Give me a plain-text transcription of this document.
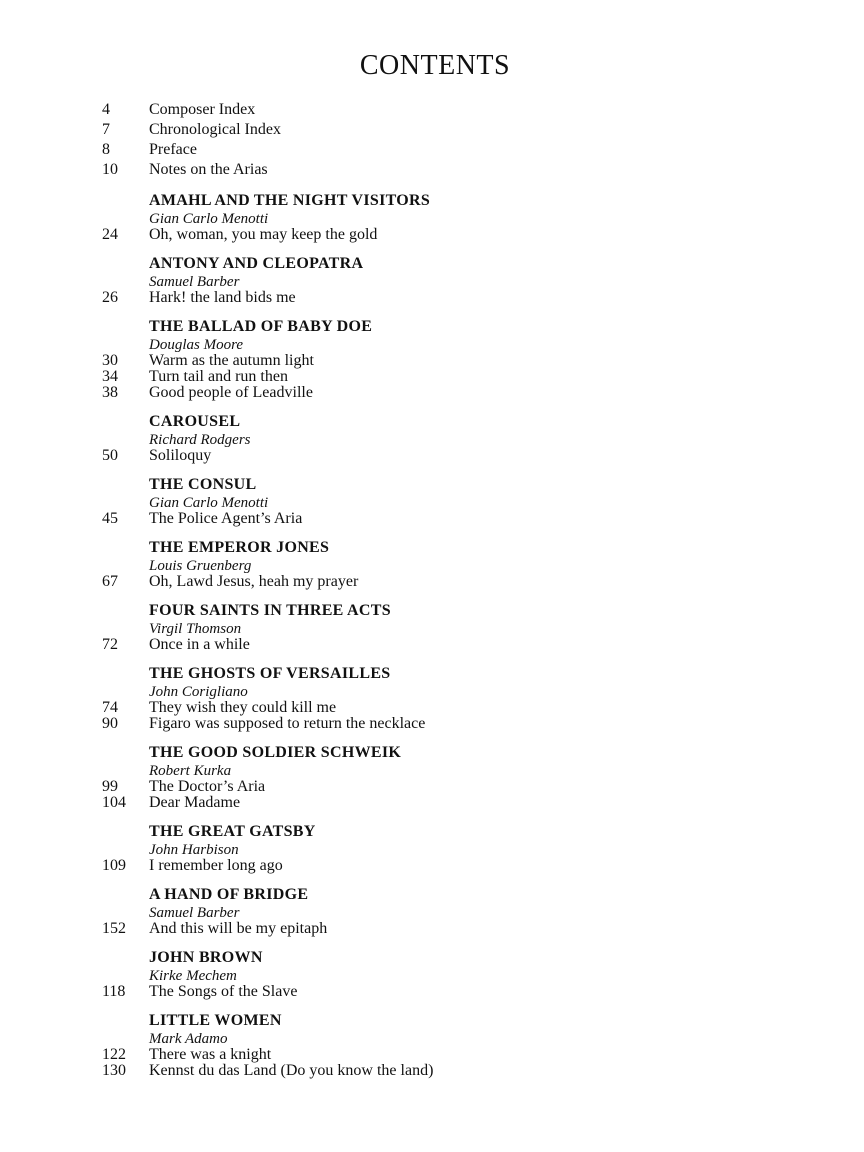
CONTENTS
4	Composer Index
7	Chronological Index
8	Preface
10	Notes on the Arias
AMAHL AND THE NIGHT VISITORS
Gian Carlo Menotti
24	Oh, woman, you may keep the gold
ANTONY AND CLEOPATRA
Samuel Barber
26	Hark! the land bids me
THE BALLAD OF BABY DOE
Douglas Moore
30	Warm as the autumn light
34	Turn tail and run then
38	Good people of Leadville
CAROUSEL
Richard Rodgers
50	Soliloquy
THE CONSUL
Gian Carlo Menotti
45	The Police Agent’s Aria
THE EMPEROR JONES
Louis Gruenberg
67	Oh, Lawd Jesus, heah my prayer
FOUR SAINTS IN THREE ACTS
Virgil Thomson
72	Once in a while
THE GHOSTS OF VERSAILLES
John Corigliano
74	They wish they could kill me
90	Figaro was supposed to return the necklace
THE GOOD SOLDIER SCHWEIK
Robert Kurka
99	The Doctor’s Aria
104	Dear Madame
THE GREAT GATSBY
John Harbison
109	I remember long ago
A HAND OF BRIDGE
Samuel Barber
152	And this will be my epitaph
JOHN BROWN
Kirke Mechem
118	The Songs of the Slave
LITTLE WOMEN
Mark Adamo
122	There was a knight
130	Kennst du das Land (Do you know the land)
